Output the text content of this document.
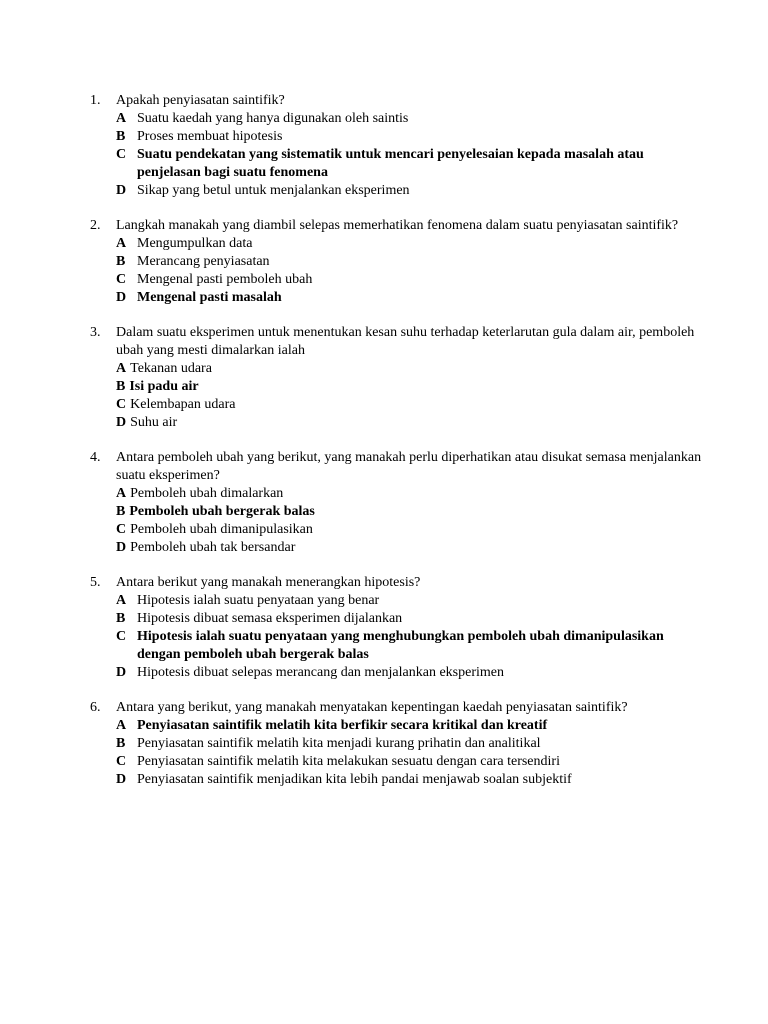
1.	Apakah penyiasatan saintifik?
A Suatu kaedah yang hanya digunakan oleh saintis
B Proses membuat hipotesis
C Suatu pendekatan yang sistematik untuk mencari penyelesaian kepada masalah atau penjelasan bagi suatu fenomena
D Sikap yang betul untuk menjalankan eksperimen
2.	Langkah manakah yang diambil selepas memerhatikan fenomena dalam suatu penyiasatan saintifik?
A Mengumpulkan data
B Merancang penyiasatan
C Mengenal pasti pemboleh ubah
D Mengenal pasti masalah
3.	Dalam suatu eksperimen untuk menentukan kesan suhu terhadap keterlarutan gula dalam air, pemboleh ubah yang mesti dimalarkan ialah
A Tekanan udara
B Isi padu air
C Kelembapan udara
D Suhu air
4.	Antara pemboleh ubah yang berikut, yang manakah perlu diperhatikan atau disukat semasa menjalankan suatu eksperimen?
A Pemboleh ubah dimalarkan
B Pemboleh ubah bergerak balas
C Pemboleh ubah dimanipulasikan
D Pemboleh ubah tak bersandar
5.	Antara berikut yang manakah menerangkan hipotesis?
A Hipotesis ialah suatu penyataan yang benar
B Hipotesis dibuat semasa eksperimen dijalankan
C Hipotesis ialah suatu penyataan yang menghubungkan pemboleh ubah dimanipulasikan dengan pemboleh ubah bergerak balas
D Hipotesis dibuat selepas merancang dan menjalankan eksperimen
6.	Antara yang berikut, yang manakah menyatakan kepentingan kaedah penyiasatan saintifik?
A Penyiasatan saintifik melatih kita berfikir secara kritikal dan kreatif
B Penyiasatan saintifik melatih kita menjadi kurang prihatin dan analitikal
C Penyiasatan saintifik melatih kita melakukan sesuatu dengan cara tersendiri
D Penyiasatan saintifik menjadikan kita lebih pandai menjawab soalan subjektif
